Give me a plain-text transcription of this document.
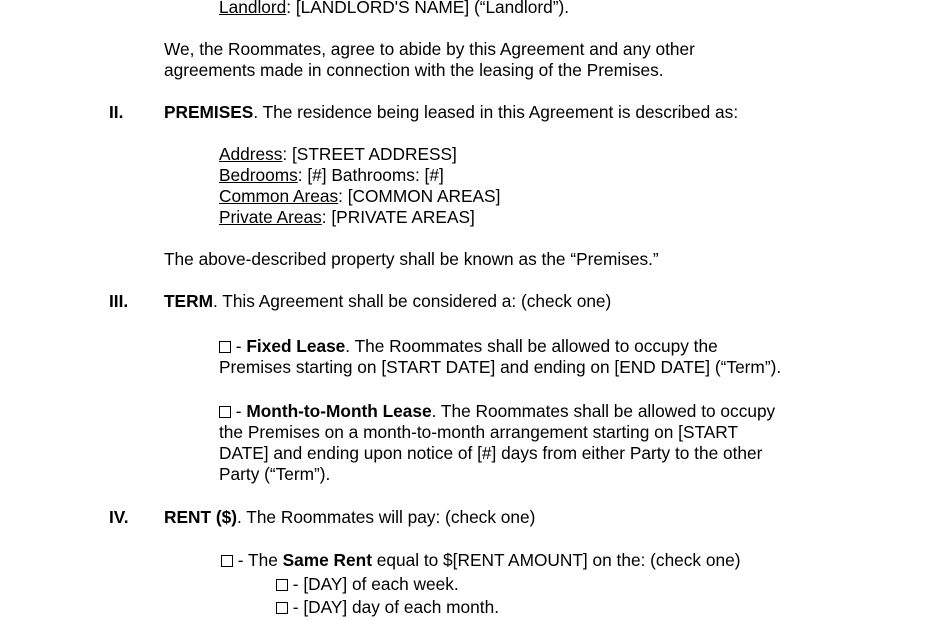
Landlord: [LANDLORD'S NAME] (“Landlord”).
We, the Roommates, agree to abide by this Agreement and any other
agreements made in connection with the leasing of the Premises.
II. PREMISES. The residence being leased in this Agreement is described as:
Address: [STREET ADDRESS]
Bedrooms: [#] Bathrooms: [#]
Common Areas: [COMMON AREAS]
Private Areas: [PRIVATE AREAS]
The above-described property shall be known as the “Premises.”
III. TERM. This Agreement shall be considered a: (check one)
- Fixed Lease. The Roommates shall be allowed to occupy the
Premises starting on [START DATE] and ending on [END DATE] (“Term”).
- Month-to-Month Lease. The Roommates shall be allowed to occupy
the Premises on a month-to-month arrangement starting on [START
DATE] and ending upon notice of [#] days from either Party to the other
Party (“Term”).
IV. RENT ($). The Roommates will pay: (check one)
- The Same Rent equal to $[RENT AMOUNT] on the: (check one)
- [DAY] of each week.
- [DAY] day of each month.
